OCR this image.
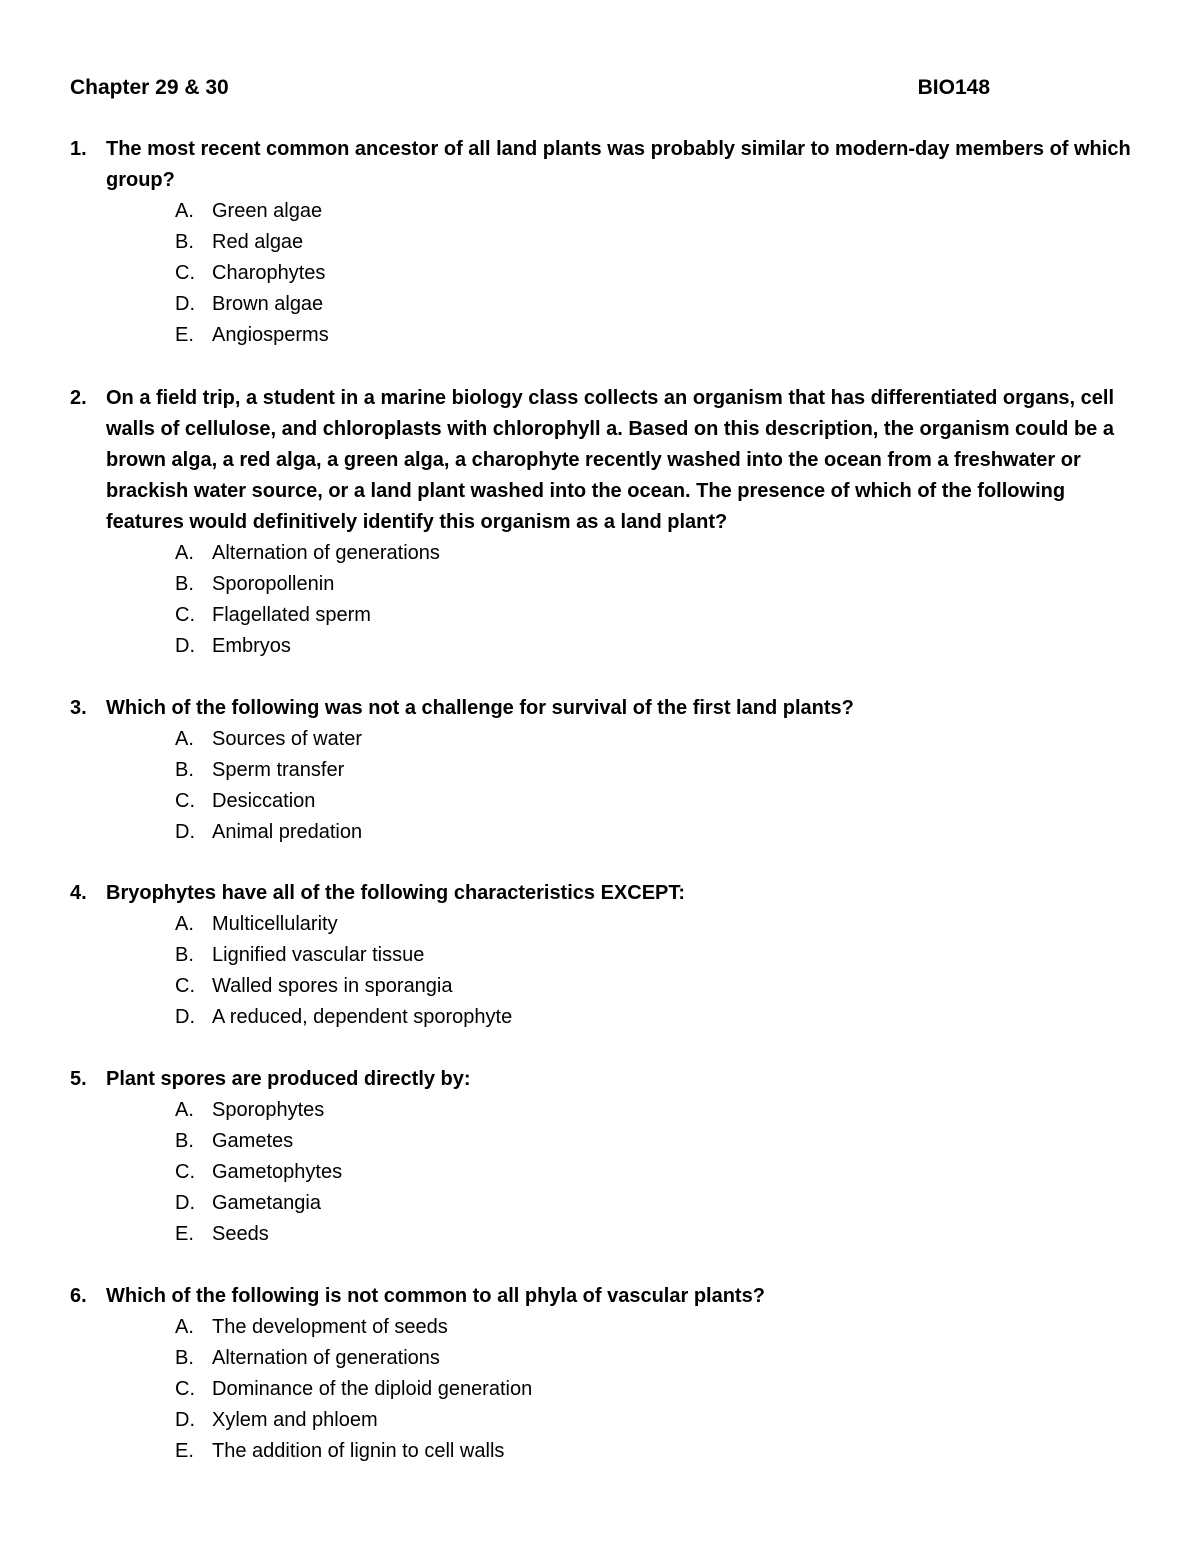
Chapter 29 & 30	BIO148
1. The most recent common ancestor of all land plants was probably similar to modern-day members of which group?
A. Green algae
B. Red algae
C. Charophytes
D. Brown algae
E. Angiosperms
2. On a field trip, a student in a marine biology class collects an organism that has differentiated organs, cell walls of cellulose, and chloroplasts with chlorophyll a. Based on this description, the organism could be a brown alga, a red alga, a green alga, a charophyte recently washed into the ocean from a freshwater or brackish water source, or a land plant washed into the ocean. The presence of which of the following features would definitively identify this organism as a land plant?
A. Alternation of generations
B. Sporopollenin
C. Flagellated sperm
D. Embryos
3. Which of the following was not a challenge for survival of the first land plants?
A. Sources of water
B. Sperm transfer
C. Desiccation
D. Animal predation
4. Bryophytes have all of the following characteristics EXCEPT:
A. Multicellularity
B. Lignified vascular tissue
C. Walled spores in sporangia
D. A reduced, dependent sporophyte
5. Plant spores are produced directly by:
A. Sporophytes
B. Gametes
C. Gametophytes
D. Gametangia
E. Seeds
6. Which of the following is not common to all phyla of vascular plants?
A. The development of seeds
B. Alternation of generations
C. Dominance of the diploid generation
D. Xylem and phloem
E. The addition of lignin to cell walls
